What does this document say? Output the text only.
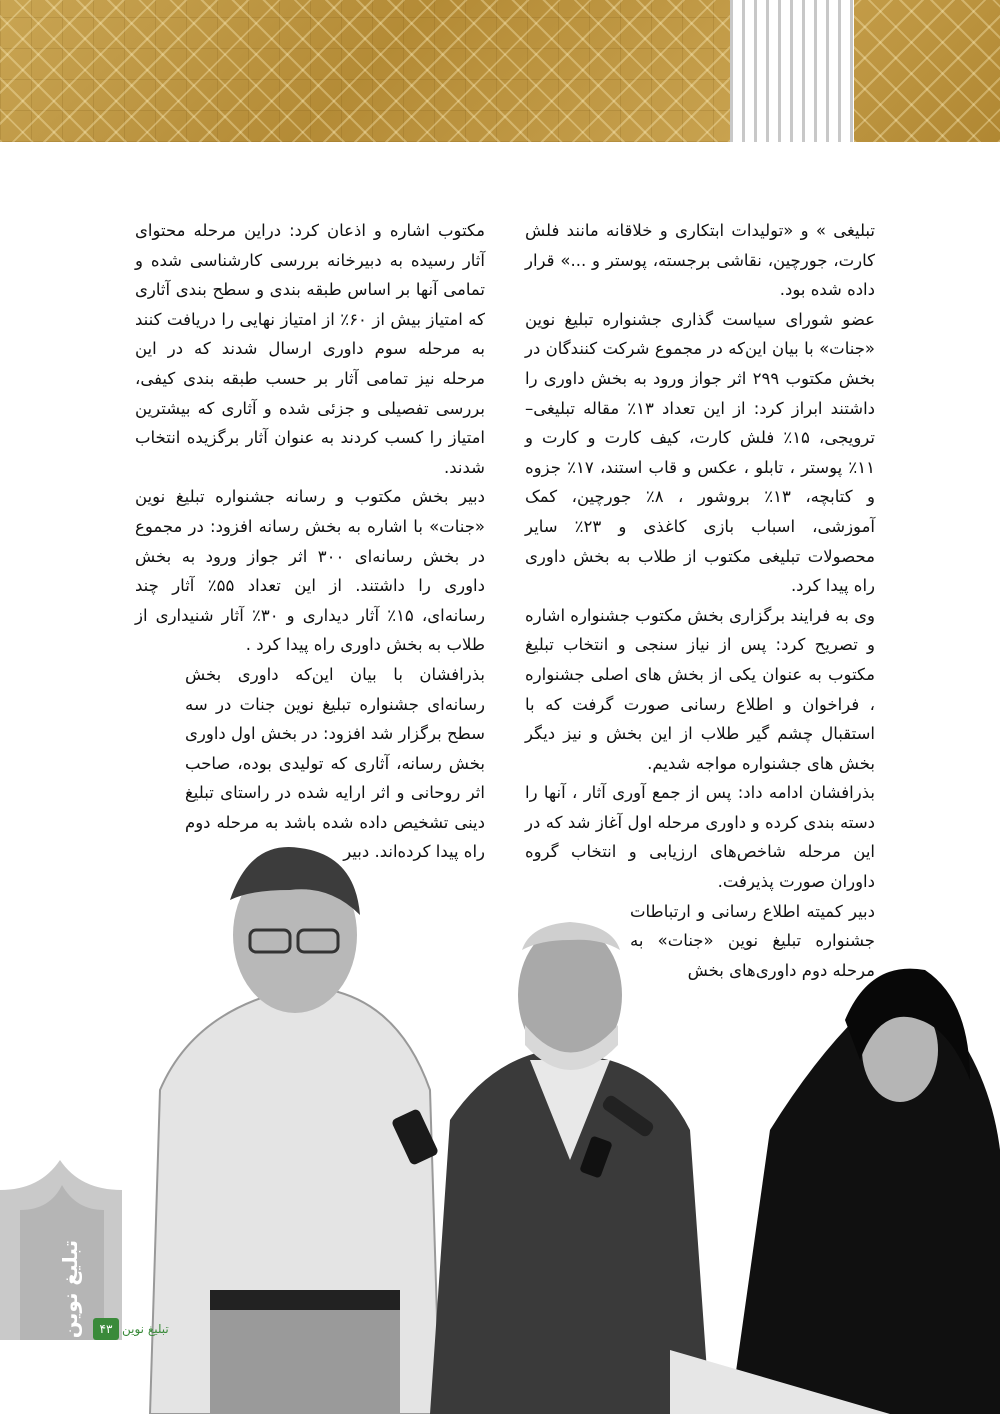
تبلیغی » و «تولیدات ابتکاری و خلاقانه مانند فلش کارت، جورچین، نقاشی برجسته، پوستر و ...» قرار داده شده بود.

عضو شورای سیاست گذاری جشنواره تبلیغ نوین «جنات» با بیان این‌که در مجموع شرکت کنندگان در بخش مکتوب ۲۹۹ اثر جواز ورود به بخش داوری را داشتند ابراز کرد: از این تعداد ۱۳٪ مقاله تبلیغی– ترویجی، ۱۵٪ فلش کارت، کیف کارت و کارت و ۱۱٪ پوستر ، تابلو ، عکس و قاب استند، ۱۷٪ جزوه و کتابچه، ۱۳٪ بروشور ، ۸٪ جورچین، کمک آموزشی، اسباب بازی کاغذی و ۲۳٪ سایر محصولات تبلیغی مکتوب از طلاب به بخش داوری راه پیدا کرد.

وی به فرایند برگزاری بخش مکتوب جشنواره اشاره و تصریح کرد: پس از نیاز سنجی و انتخاب تبلیغ مکتوب به عنوان یکی از بخش های اصلی جشنواره ، فراخوان و اطلاع رسانی صورت گرفت که با استقبال چشم گیر طلاب از این بخش و نیز دیگر بخش های جشنواره مواجه شدیم.

بذرافشان ادامه داد: پس از جمع آوری آثار ، آنها را دسته بندی کرده و داوری مرحله اول آغاز شد که در این مرحله شاخص‌های ارزیابی و انتخاب گروه داوران صورت پذیرفت.

دبیر کمیته اطلاع رسانی و ارتباطات جشنواره تبلیغ نوین «جنات» به مرحله دوم داوری‌های بخش

مکتوب اشاره و اذعان کرد: دراین مرحله محتوای آثار رسیده به دبیرخانه بررسی کارشناسی شده و تمامی آنها بر اساس طبقه بندی و سطح بندی آثاری که امتیاز بیش از ۶۰٪ از امتیاز نهایی را دریافت کنند به مرحله سوم داوری ارسال شدند که در این مرحله نیز تمامی آثار بر حسب طبقه بندی کیفی، بررسی تفصیلی و جزئی شده و آثاری که بیشترین امتیاز را کسب کردند به عنوان آثار برگزیده انتخاب شدند.

دبیر بخش مکتوب و رسانه جشنواره تبلیغ نوین «جنات» با اشاره به بخش رسانه افزود: در مجموع در بخش رسانه‌ای ۳۰۰ اثر جواز ورود به بخش داوری را داشتند. از این تعداد ۵۵٪ آثار چند رسانه‌ای، ۱۵٪ آثار دیداری و ۳۰٪ آثار شنیداری از طلاب به بخش داوری راه پیدا کرد .

بذرافشان با بیان این‌که داوری بخش رسانه‌ای جشنواره تبلیغ نوین جنات در سه سطح برگزار شد افزود: در بخش اول داوری بخش رسانه، آثاری که تولیدی بوده، صاحب اثر روحانی و اثر ارایه شده در راستای تبلیغ دینی تشخیص داده شده باشد به مرحله دوم راه پیدا کرده‌اند. دبیر

تبلیغ نوین	۴۳ تبلیغ نوین
